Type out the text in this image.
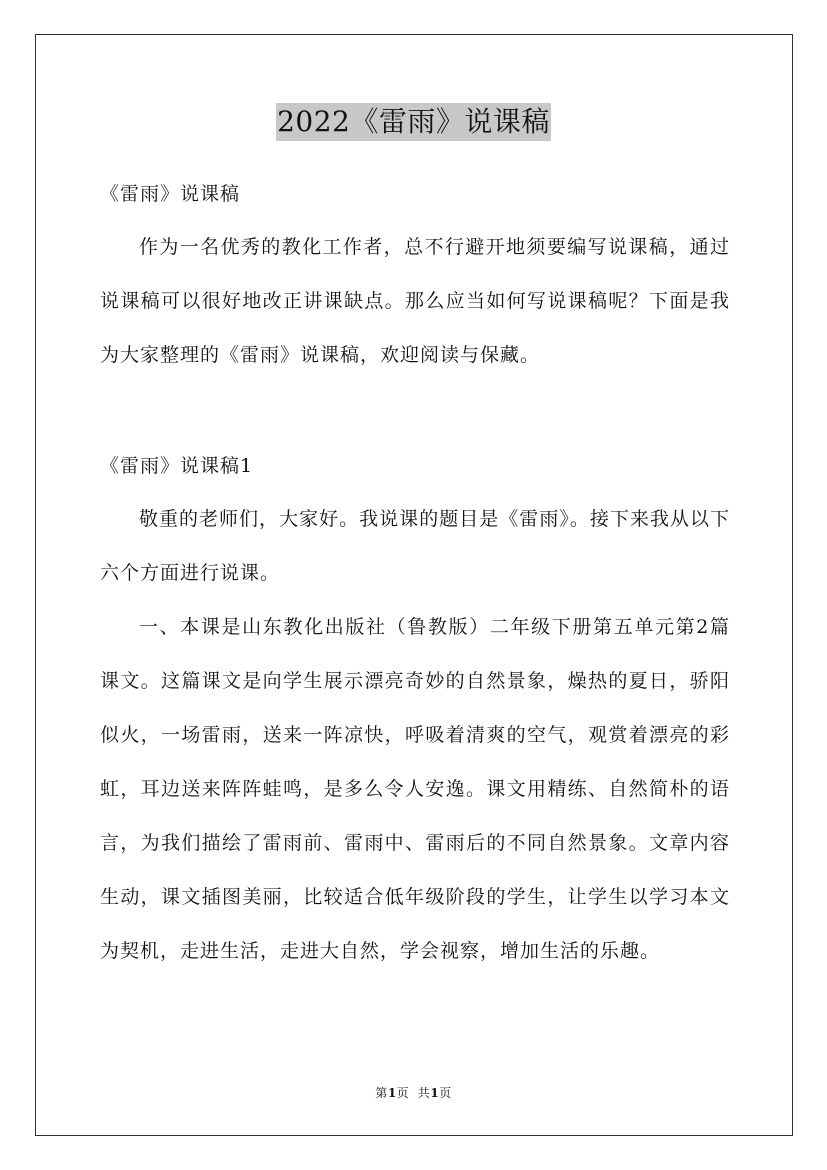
2022《雷雨》说课稿
《雷雨》说课稿

作为一名优秀的教化工作者，总不行避开地须要编写说课稿，通过说课稿可以很好地改正讲课缺点。那么应当如何写说课稿呢？下面是我为大家整理的《雷雨》说课稿，欢迎阅读与保藏。

《雷雨》说课稿1

敬重的老师们，大家好。我说课的题目是《雷雨》。接下来我从以下六个方面进行说课。

一、本课是山东教化出版社（鲁教版）二年级下册第五单元第2篇课文。这篇课文是向学生展示漂亮奇妙的自然景象，燥热的夏日，骄阳似火，一场雷雨，送来一阵凉快，呼吸着清爽的空气，观赏着漂亮的彩虹，耳边送来阵阵蛙鸣，是多么令人安逸。课文用精练、自然简朴的语言，为我们描绘了雷雨前、雷雨中、雷雨后的不同自然景象。文章内容生动，课文插图美丽，比较适合低年级阶段的学生，让学生以学习本文为契机，走进生活，走进大自然，学会视察，增加生活的乐趣。

第1页  共1页
